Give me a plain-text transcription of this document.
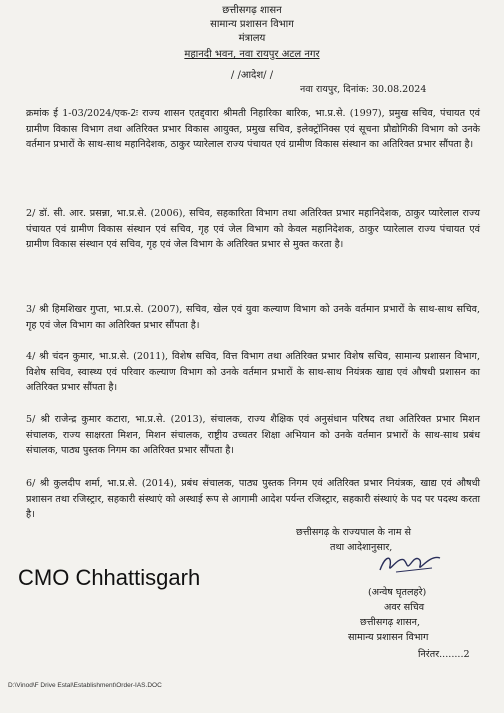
छत्तीसगढ़ शासन
सामान्य प्रशासन विभाग
मंत्रालय
महानदी भवन, नवा रायपुर अटल नगर
/ /आदेश/ /
नवा रायपुर, दिनांक: 30.08.2024
क्रमांक ई 1-03/2024/एक-2ः राज्य शासन एतद्द्वारा श्रीमती निहारिका बारिक, भा.प्र.से. (1997), प्रमुख सचिव, पंचायत एवं ग्रामीण विकास विभाग तथा अतिरिक्त प्रभार विकास आयुक्त, प्रमुख सचिव, इलेक्ट्रॉनिक्स एवं सूचना प्रौद्योगिकी विभाग को उनके वर्तमान प्रभारों के साथ-साथ महानिदेशक, ठाकुर प्यारेलाल राज्य पंचायत एवं ग्रामीण विकास संस्थान का अतिरिक्त प्रभार सौंपता है।
2/ डॉ. सी. आर. प्रसन्ना, भा.प्र.से. (2006), सचिव, सहकारिता विभाग तथा अतिरिक्त प्रभार महानिदेशक, ठाकुर प्यारेलाल राज्य पंचायत एवं ग्रामीण विकास संस्थान एवं सचिव, गृह एवं जेल विभाग को केवल महानिदेशक, ठाकुर प्यारेलाल राज्य पंचायत एवं ग्रामीण विकास संस्थान एवं सचिव, गृह एवं जेल विभाग के अतिरिक्त प्रभार से मुक्त करता है।
3/ श्री हिमशिखर गुप्ता, भा.प्र.से. (2007), सचिव, खेल एवं युवा कल्याण विभाग को उनके वर्तमान प्रभारों के साथ-साथ सचिव, गृह एवं जेल विभाग का अतिरिक्त प्रभार सौंपता है।
4/ श्री चंदन कुमार, भा.प्र.से. (2011), विशेष सचिव, वित्त विभाग तथा अतिरिक्त प्रभार विशेष सचिव, सामान्य प्रशासन विभाग, विशेष सचिव, स्वास्थ्य एवं परिवार कल्याण विभाग को उनके वर्तमान प्रभारों के साथ-साथ नियंत्रक खाद्य एवं औषधी प्रशासन का अतिरिक्त प्रभार सौंपता है।
5/ श्री राजेन्द्र कुमार कटारा, भा.प्र.से. (2013), संचालक, राज्य शैक्षिक एवं अनुसंधान परिषद तथा अतिरिक्त प्रभार मिशन संचालक, राज्य साक्षरता मिशन, मिशन संचालक, राष्ट्रीय उच्चतर शिक्षा अभियान को उनके वर्तमान प्रभारों के साथ-साथ प्रबंध संचालक, पाठ्य पुस्तक निगम का अतिरिक्त प्रभार सौंपता है।
6/ श्री कुलदीप शर्मा, भा.प्र.से. (2014), प्रबंध संचालक, पाठ्य पुस्तक निगम एवं अतिरिक्त प्रभार नियंत्रक, खाद्य एवं औषधी प्रशासन तथा रजिस्ट्रार, सहकारी संस्थाएं को अस्थाई रूप से आगामी आदेश पर्यन्त रजिस्ट्रार, सहकारी संस्थाएं के पद पर पदस्थ करता है।
छत्तीसगढ़ के राज्यपाल के नाम से
तथा आदेशानुसार,
CMO Chhattisgarh
(अन्वेष घृतलहरे)
अवर सचिव
छत्तीसगढ़ शासन,
सामान्य प्रशासन विभाग
निरंतर........2
D:\Vinod\F Drive Estal\Establishment\Order-IAS.DOC
